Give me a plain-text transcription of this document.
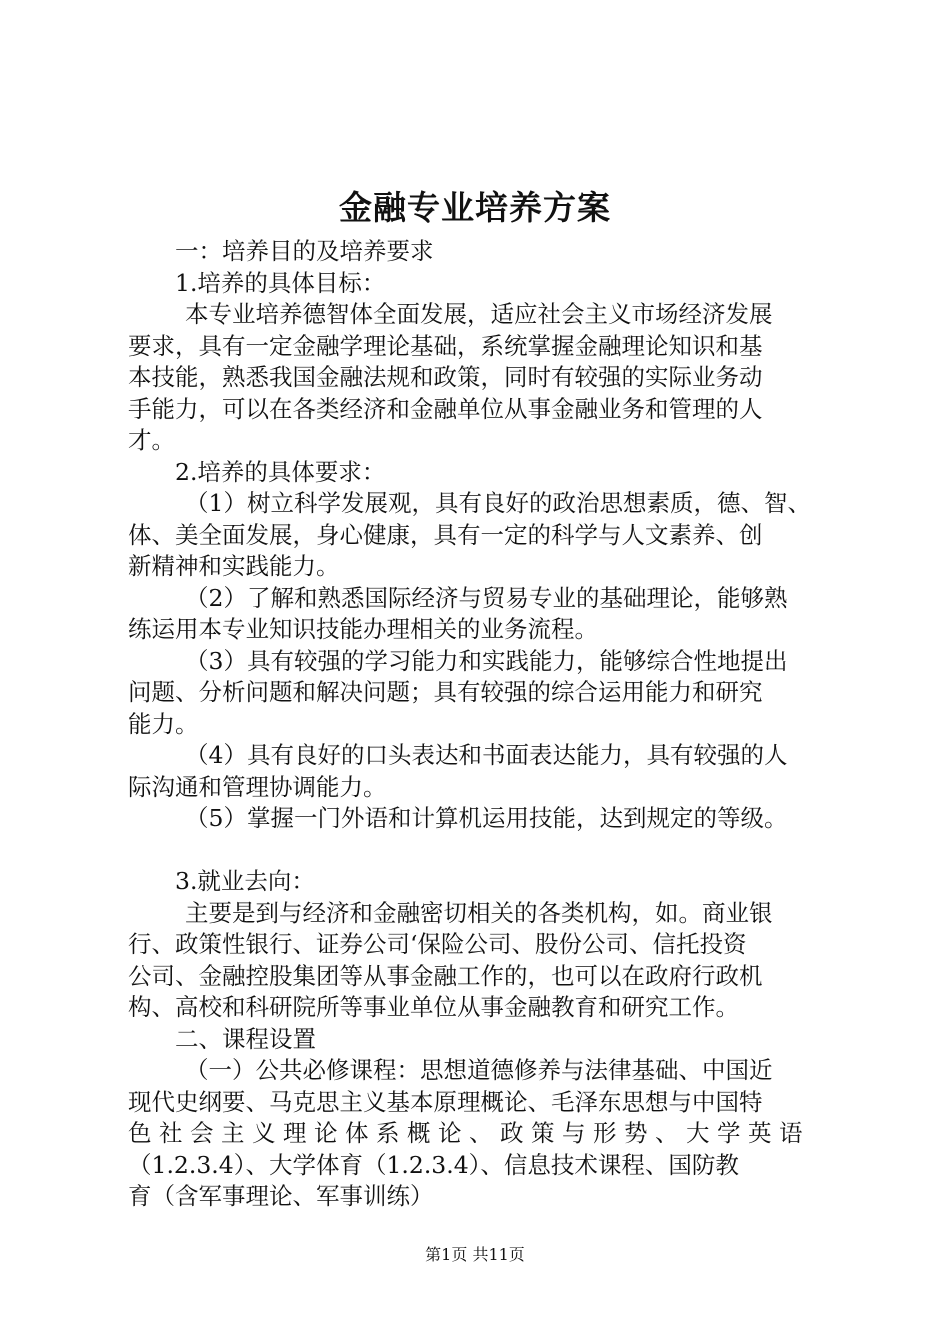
金融专业培养方案
一：培养目的及培养要求
1.培养的具体目标：
本专业培养德智体全面发展，适应社会主义市场经济发展
要求，具有一定金融学理论基础，系统掌握金融理论知识和基
本技能，熟悉我国金融法规和政策，同时有较强的实际业务动
手能力，可以在各类经济和金融单位从事金融业务和管理的人
才。
2.培养的具体要求：
（1）树立科学发展观，具有良好的政治思想素质，德、智、
体、美全面发展，身心健康，具有一定的科学与人文素养、创
新精神和实践能力。
（2）了解和熟悉国际经济与贸易专业的基础理论，能够熟
练运用本专业知识技能办理相关的业务流程。
（3）具有较强的学习能力和实践能力，能够综合性地提出
问题、分析问题和解决问题；具有较强的综合运用能力和研究
能力。
（4）具有良好的口头表达和书面表达能力，具有较强的人
际沟通和管理协调能力。
（5）掌握一门外语和计算机运用技能，达到规定的等级。
3.就业去向：
主要是到与经济和金融密切相关的各类机构，如。商业银
行、政策性银行、证券公司‘保险公司、股份公司、信托投资
公司、金融控股集团等从事金融工作的，也可以在政府行政机
构、高校和科研院所等事业单位从事金融教育和研究工作。
二、课程设置
（一）公共必修课程：思想道德修养与法律基础、中国近
现代史纲要、马克思主义基本原理概论、毛泽东思想与中国特
色社会主义理论体系概论、政策与形势、大学英语
（1.2.3.4）、大学体育（1.2.3.4）、信息技术课程、国防教
育（含军事理论、军事训练）
第1页 共11页
